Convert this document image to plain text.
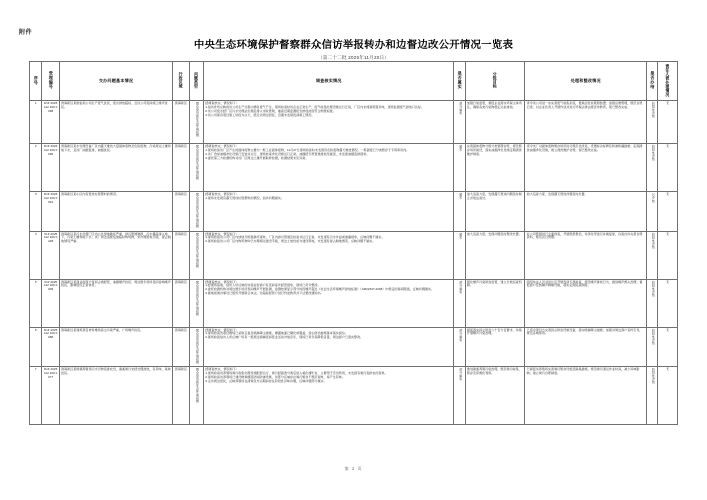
附件
中央生态环境保护督察群众信访举报转办和边督边改公开情况一览表
（第二十二批 2025年11月20日）
序号	受理编号	交办问题基本情况	行政区域	问题类型	调查核实情况	是否属实	分级目标	处理和整改情况	是否办结	责任人被处理情况
1	D1F 2025 112 100 0098	滨海新区某胶粘剂公司生产废气扰民，废水排放超标，且该公司夜间施工噪声扰民。	滨海新区	群众身边的生态环境问题	经调查核实，情况如下：
1.信访件所反映的该公司生产过程中确有废气产生，现场检查时该企业正常生产，废气收集处理设施运行正常，厂区内未闻到明显异味，现场监测废气排放口达标。
2.该公司废水经厂区污水处理站处理后排入市政管网，抽查近期监测报告排放浓度符合纳管标准。
3.该公司现有项目施工时段为白天，经走访周边居民，近期未发现夜间施工情况。	部分属实	加强日常监管，督促企业落实环保主体责任，确保各类污染物稳定达标排放。	责令该公司进一步完善废气收集系统，更换活性炭吸附装置；加强运维管理，规范台账记录；对企业负责人开展约谈并进行环保法律法规宣传教育。现已整改完成。	阶段性办结	无
2	D1F 2025 112 100 0095	滨海新区某水处理设备厂区内露天堆放大量固体废物及危险废物，污染周边土壤和地下水，且该厂油烟直排，油烟扰民。	滨海新区	群众身边的生态环境问题	经调查核实，情况如下：
1.现场检查该厂区产生的固体废物主要为一般工业固体废物，11月27日现场检查时未发现有危险废物露天堆放情况，一般固废已分类暂存于专用库房内。
2.该厂食堂油烟净化设施已安装并运行，现场检查净化设施运行正常，油烟经专用管道排放至楼顶，未发现油烟直排现象。
3.委托第三方检测机构对该厂区周边土壤开展取样检测，检测结果未见异常。	属实	完善固体废物分级分类管理台账，规范暂存场所建设，落实油烟净化设施定期清洗维护制度。	责令该厂对固体废物暂存场所进行规范化改造，设置标识标牌及防渗防漏措施；定期清洗油烟净化设施，建立清洗维护台账。现已整改完成。	阶段性办结	无
3	D1F 2025 112 100 0091	滨海新区某小区内有焚烧垃圾塑料的情况。	滨海新区	群众身边的生态环境问题	经调查核实，情况如下：
1.现场未发现有露天焚烧垃圾塑料的情况，信访问题属实。	属实	加大巡查力度，发现露天焚烧问题及时制止并依法查处。	加大巡查力度，发现露天焚烧问题及时处置。	已办结	无
4	X1F 2025 112 100 0228	滨海新区某污水处理厂区内公共绿地破坏严重，排污管道破损，污水横流渗入地下，污染土壤和地下水；该厂周边违规搭建临时构筑物，未办理用地手续，侵占耕地情况严重。	滨海新区	群众身边的生态环境问题	经调查核实，情况如下：
1.现场检查该公司厂区内绿地无明显破坏现象，厂区内排污管道及检查井运行正常，未发现有污水外溢或渗漏现象，反映问题不属实。
2.现场检查该公司厂区内构筑物均已办理相关建设手续，周边土地性质为建设用地，未发现有侵占耕地情况，反映问题不属实。	属实	加大巡查力度，发现问题及时整改处置。	对公司管网进行全面排查，开展隐患整治，对绿化带进行补植复绿，自查自纠完善台账资料，规范运行管理。	阶段性办结	无
5	X12 2025 112 100 0009	滨海新区某商业街商户夜间占道经营，油烟噪声扰民；周边娱乐场所夜间音响噪声扰民，影响居民正常休息。	滨海新区	群众身边的生态环境问题	经调查核实，情况如下：
1.经现场查看，信访人所反映的该商业街商户有夜间室外经营现象，现场已责令整改。
2.委托检测机构对周边娱乐场所夜间噪声开展监测，监测结果显示部分时段噪声超过《社会生活环境噪声排放标准》（GB22337-2008）中规定的昼间限值，反映问题属实。
3.属地街道办事处已组织开展联合执法，对超标经营户进行约谈教育并下达整改通知书。	部分属实	强化噪声污染防治监管，建立长效巡查机制。	组织执法人员对该片区开展夜间专项检查，规范噪声排放行为，推进噪声源头治理；督促商户安装隔声降噪设施，落实定期巡查制度。	阶段性办结	无
6	D1F 2025 112 100 0088	滨海新区某建筑项目材料堆场扬尘污染严重，广场噪声扰民。	滨海新区	群众身边的生态环境问题	经调查核实，情况如下：
1.现场检查该项目堆场已采取苫盖及喷淋降尘措施，裸露地面已硬化或覆盖，扬尘防治措施基本落实到位。
2.现场检查信访人所反映广场有一组周边商铺夜间营业活动外放音乐，现场已责令其降低音量，周边商户已落实整改。	部分属实	督促落实扬尘防治六个百分百要求，持续开展噪声污染治理。	已责令项目方完善扬尘防治设施设备，落实喷淋降尘措施；加强对周边商户宣传引导，规范音响使用。	阶段性办结	无
7	D1F 2025 112 100 0077	滨海新区某规模养殖场污水污物直排农田，畜禽粪污未经处理排放，有异味，臭味扰民。	滨海新区	群众身边的生态环境问题	经调查核实，情况如下：
1.现场检查该养殖场粪污收集处理设施配套运行，粪污经固液分离后进入氧化塘贮存，主要用于还田利用，未发现有粪污直排农田现象。
2.现场检查该养殖场已建设堆粪棚及防雨防渗设施，但部分区域存在粪污暂存不规范现象，易产生异味。
3.走访周边居民，反映养殖场在清粪及外运期间存在阶段性异味问题，反映问题部分属实。	部分属实	推进畜禽养殖污染治理，规范粪污收集、暂存及资源化利用。	已督促该养殖场完善粪污暂存设施及除臭措施，规范粪污清运作业时间，减少异味影响；建立粪污台账制度。	阶段性办结	无
第 1 页
